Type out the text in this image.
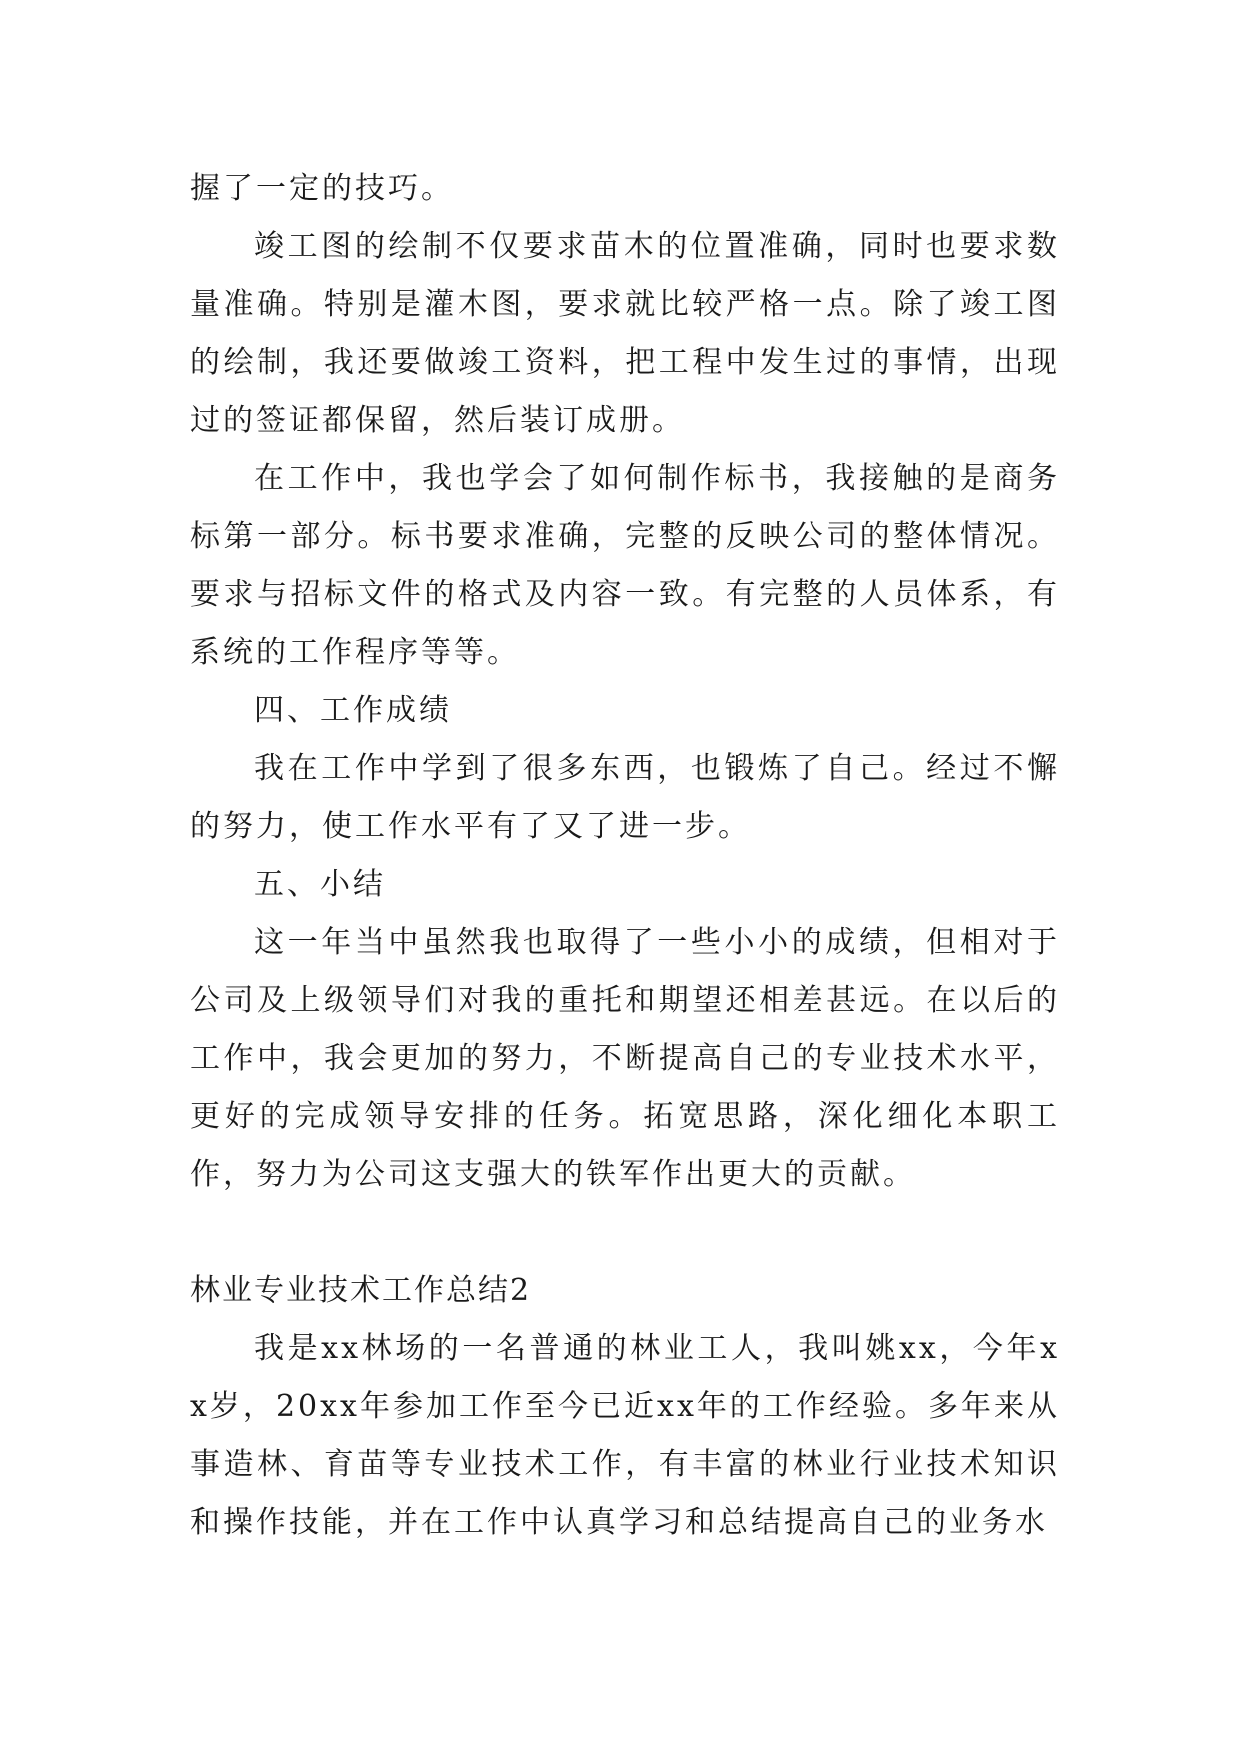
握了一定的技巧。

竣工图的绘制不仅要求苗木的位置准确，同时也要求数量准确。特别是灌木图，要求就比较严格一点。除了竣工图的绘制，我还要做竣工资料，把工程中发生过的事情，出现过的签证都保留，然后装订成册。

在工作中，我也学会了如何制作标书，我接触的是商务标第一部分。标书要求准确，完整的反映公司的整体情况。要求与招标文件的格式及内容一致。有完整的人员体系，有系统的工作程序等等。

四、工作成绩

我在工作中学到了很多东西，也锻炼了自己。经过不懈的努力，使工作水平有了又了进一步。

五、小结

这一年当中虽然我也取得了一些小小的成绩，但相对于公司及上级领导们对我的重托和期望还相差甚远。在以后的工作中，我会更加的努力，不断提高自己的专业技术水平，更好的完成领导安排的任务。拓宽思路，深化细化本职工作，努力为公司这支强大的铁军作出更大的贡献。

林业专业技术工作总结2

我是xx林场的一名普通的林业工人，我叫姚xx，今年xx岁，20xx年参加工作至今已近xx年的工作经验。多年来从事造林、育苗等专业技术工作，有丰富的林业行业技术知识和操作技能，并在工作中认真学习和总结提高自己的业务水
